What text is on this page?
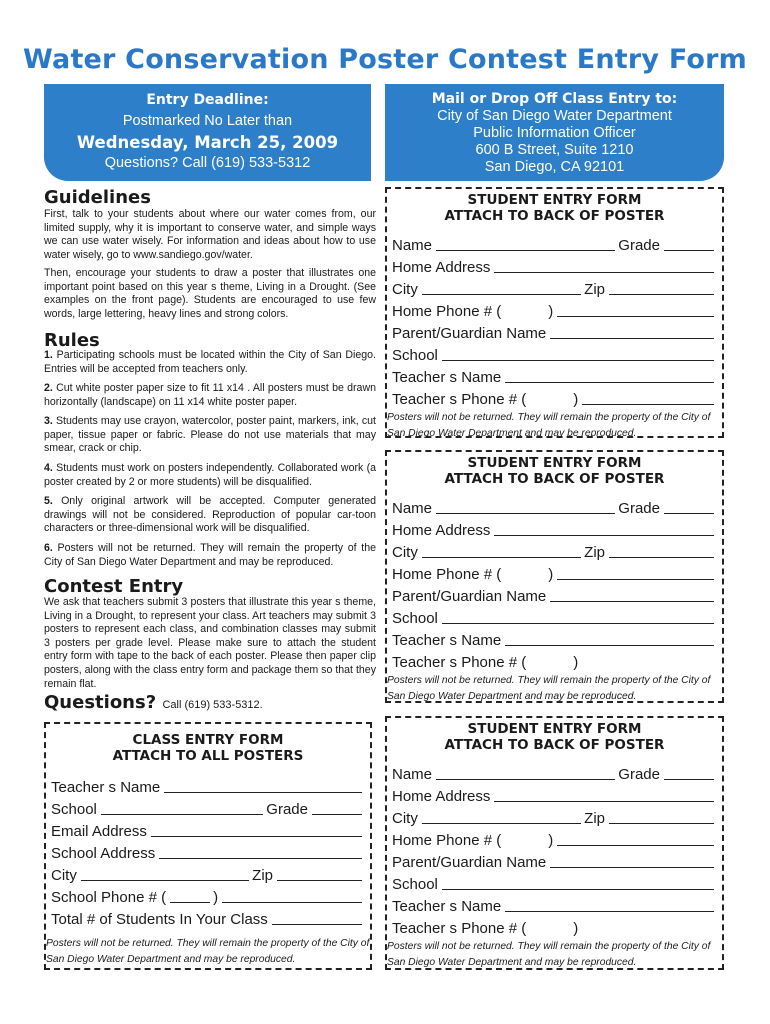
Water Conservation Poster Contest Entry Form
Entry Deadline:
Postmarked No Later than
Wednesday, March 25, 2009
Questions? Call (619) 533-5312
Mail or Drop Off Class Entry to:
City of San Diego Water Department
Public Information Officer
600 B Street, Suite 1210
San Diego, CA 92101
Guidelines
First, talk to your students about where our water comes from, our limited supply, why it is important to conserve water, and simple ways we can use water wisely. For information and ideas about how to use water wisely, go to www.sandiego.gov/water.
Then, encourage your students to draw a poster that illustrates one important point based on this year s theme, Living in a Drought. (See examples on the front page). Students are encouraged to use few words, large lettering, heavy lines and strong colors.
Rules
1. Participating schools must be located within the City of San Diego. Entries will be accepted from teachers only.
2. Cut white poster paper size to fit 11 x14 . All posters must be drawn horizontally (landscape) on 11 x14 white poster paper.
3. Students may use crayon, watercolor, poster paint, markers, ink, cut paper, tissue paper or fabric. Please do not use materials that may smear, crack or chip.
4. Students must work on posters independently. Collaborated work (a poster created by 2 or more students) will be disqualified.
5. Only original artwork will be accepted. Computer generated drawings will not be considered. Reproduction of popular car-toon characters or three-dimensional work will be disqualified.
6. Posters will not be returned. They will remain the property of the City of San Diego Water Department and may be reproduced.
Contest Entry
We ask that teachers submit 3 posters that illustrate this year s theme, Living in a Drought, to represent your class. Art teachers may submit 3 posters to represent each class, and combination classes may submit 3 posters per grade level. Please make sure to attach the student entry form with tape to the back of each poster. Please then paper clip posters, along with the class entry form and package them so that they remain flat.
Questions? Call (619) 533-5312.
CLASS ENTRY FORM
ATTACH TO ALL POSTERS
Teacher s Name
School	Grade
Email Address
School Address
City	Zip
School Phone # (	)
Total # of Students In Your Class
Posters will not be returned. They will remain the property of the City of San Diego Water Department and may be reproduced.
STUDENT ENTRY FORM
ATTACH TO BACK OF POSTER
Name	Grade
Home Address
City	Zip
Home Phone # (	)
Parent/Guardian Name
School
Teacher s Name
Teacher s Phone # (	)
Posters will not be returned. They will remain the property of the City of San Diego Water Department and may be reproduced.
STUDENT ENTRY FORM
ATTACH TO BACK OF POSTER
Name	Grade
Home Address
City	Zip
Home Phone # (	)
Parent/Guardian Name
School
Teacher s Name
Teacher s Phone # (	)
Posters will not be returned. They will remain the property of the City of San Diego Water Department and may be reproduced.
STUDENT ENTRY FORM
ATTACH TO BACK OF POSTER
Name	Grade
Home Address
City	Zip
Home Phone # (	)
Parent/Guardian Name
School
Teacher s Name
Teacher s Phone # (	)
Posters will not be returned. They will remain the property of the City of San Diego Water Department and may be reproduced.
